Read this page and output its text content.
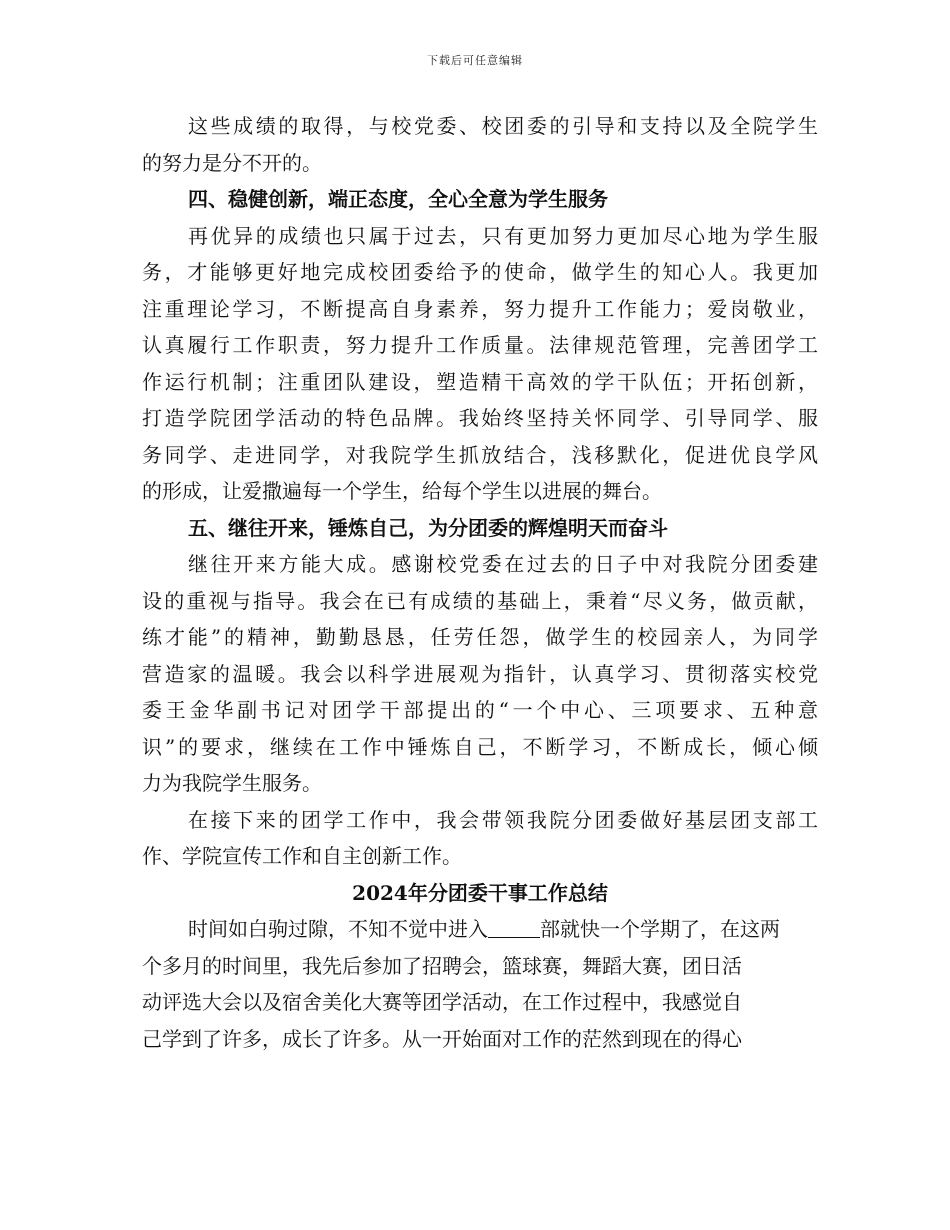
下载后可任意编辑
这些成绩的取得，与校党委、校团委的引导和支持以及全院学生
的努力是分不开的。
四、稳健创新，端正态度，全心全意为学生服务
再优异的成绩也只属于过去，只有更加努力更加尽心地为学生服
务，才能够更好地完成校团委给予的使命，做学生的知心人。我更加
注重理论学习，不断提高自身素养，努力提升工作能力；爱岗敬业，
认真履行工作职责，努力提升工作质量。法律规范管理，完善团学工
作运行机制；注重团队建设，塑造精干高效的学干队伍；开拓创新，
打造学院团学活动的特色品牌。我始终坚持关怀同学、引导同学、服
务同学、走进同学，对我院学生抓放结合，浅移默化，促进优良学风
的形成，让爱撒遍每一个学生，给每个学生以进展的舞台。
五、继往开来，锤炼自己，为分团委的辉煌明天而奋斗
继往开来方能大成。感谢校党委在过去的日子中对我院分团委建
设的重视与指导。我会在已有成绩的基础上，秉着“尽义务，做贡献，
练才能”的精神，勤勤恳恳，任劳任怨，做学生的校园亲人，为同学
营造家的温暖。我会以科学进展观为指针，认真学习、贯彻落实校党
委王金华副书记对团学干部提出的“一个中心、三项要求、五种意
识”的要求，继续在工作中锤炼自己，不断学习，不断成长，倾心倾
力为我院学生服务。
在接下来的团学工作中，我会带领我院分团委做好基层团支部工
作、学院宣传工作和自主创新工作。
2024年分团委干事工作总结
时间如白驹过隙，不知不觉中进入	部就快一个学期了，在这两
个多月的时间里，我先后参加了招聘会，篮球赛，舞蹈大赛，团日活
动评选大会以及宿舍美化大赛等团学活动，在工作过程中，我感觉自
己学到了许多，成长了许多。从一开始面对工作的茫然到现在的得心
